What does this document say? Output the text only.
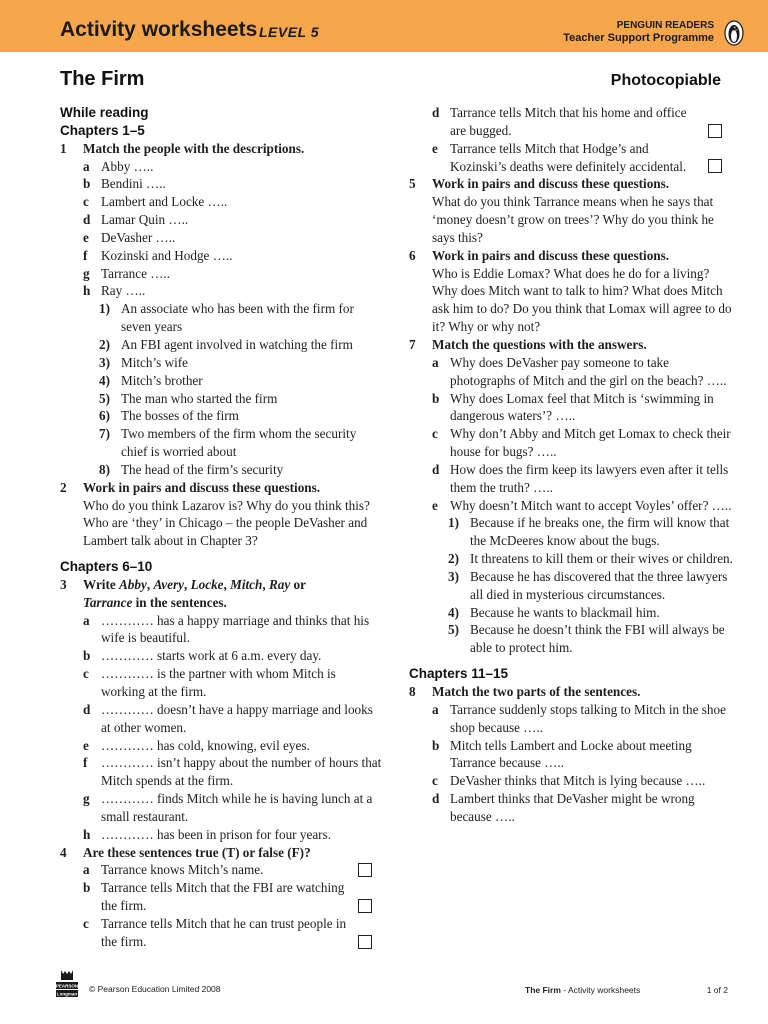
Activity worksheets LEVEL 5	PENGUIN READERS
Teacher Support Programme
The Firm	Photocopiable
While reading
Chapters 1–5
1	Match the people with the descriptions.
a Abby …..
b Bendini …..
c Lambert and Locke …..
d Lamar Quin …..
e DeVasher …..
f	Kozinski and Hodge …..
g Tarrance …..
h Ray …..
1) An associate who has been with the firm for seven years
2) An FBI agent involved in watching the firm
3) Mitch’s wife
4) Mitch’s brother
5) The man who started the firm
6) The bosses of the firm
7) Two members of the firm whom the security chief is worried about
8) The head of the firm’s security
2	Work in pairs and discuss these questions.
Who do you think Lazarov is? Why do you think this? Who are ‘they’ in Chicago – the people DeVasher and Lambert talk about in Chapter 3?
Chapters 6–10
3	Write Abby, Avery, Locke, Mitch, Ray or
Tarrance in the sentences.
a ………… has a happy marriage and thinks that his wife is beautiful.
b ………… starts work at 6 a.m. every day.
c ………… is the partner with whom Mitch is working at the firm.
d ………… doesn’t have a happy marriage and looks at other women.
e ………… has cold, knowing, evil eyes.
f	………… isn’t happy about the number of hours that Mitch spends at the firm.
g ………… finds Mitch while he is having lunch at a small restaurant.
h ………… has been in prison for four years.
4	Are these sentences true (T) or false (F)?
a Tarrance knows Mitch’s name.
b Tarrance tells Mitch that the FBI are watching the firm.
c Tarrance tells Mitch that he can trust people in the firm.
d Tarrance tells Mitch that his home and office are bugged.
e Tarrance tells Mitch that Hodge’s and Kozinski’s deaths were definitely accidental.
5	Work in pairs and discuss these questions.
What do you think Tarrance means when he says that ‘money doesn’t grow on trees’? Why do you think he says this?
6	Work in pairs and discuss these questions.
Who is Eddie Lomax? What does he do for a living? Why does Mitch want to talk to him? What does Mitch ask him to do? Do you think that Lomax will agree to do it? Why or why not?
7	Match the questions with the answers.
a Why does DeVasher pay someone to take photographs of Mitch and the girl on the beach? …..
b Why does Lomax feel that Mitch is ‘swimming in dangerous waters’? …..
c Why don’t Abby and Mitch get Lomax to check their house for bugs? …..
d How does the firm keep its lawyers even after it tells them the truth? …..
e Why doesn’t Mitch want to accept Voyles’ offer? …..
1) Because if he breaks one, the firm will know that the McDeeres know about the bugs.
2) It threatens to kill them or their wives or children.
3) Because he has discovered that the three lawyers all died in mysterious circumstances.
4) Because he wants to blackmail him.
5) Because he doesn’t think the FBI will always be able to protect him.
Chapters 11–15
8	Match the two parts of the sentences.
a Tarrance suddenly stops talking to Mitch in the shoe shop because …..
b Mitch tells Lambert and Locke about meeting Tarrance because …..
c DeVasher thinks that Mitch is lying because …..
d Lambert thinks that DeVasher might be wrong because …..
PEARSON
Longman © Pearson Education Limited 2008	The Firm - Activity worksheets	1 of 2
